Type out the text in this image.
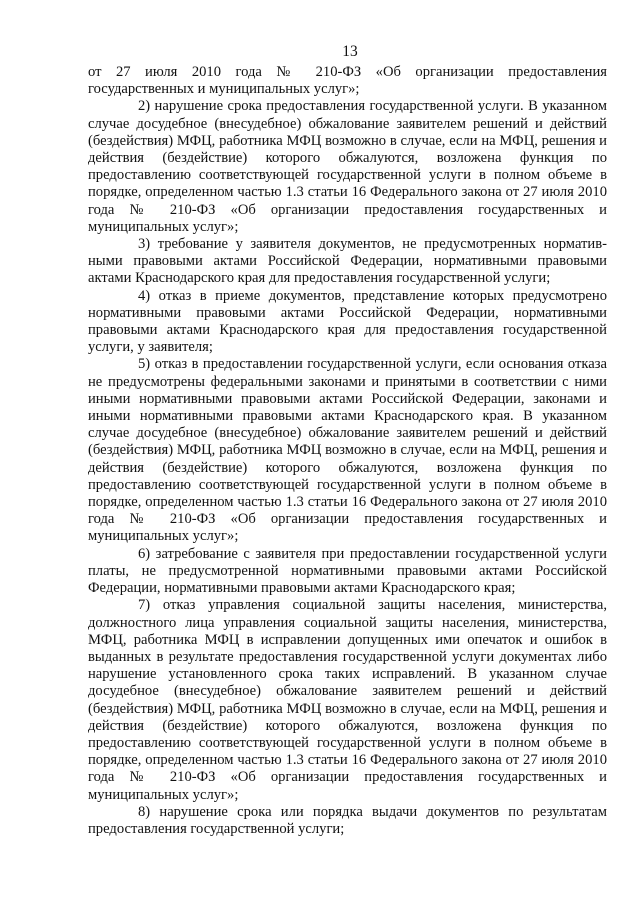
13

от 27 июля 2010 года № 210-ФЗ «Об организации предоставления государственных и муниципальных услуг»;

2) нарушение срока предоставления государственной услуги. В указанном случае досудебное (внесудебное) обжалование заявителем решений и действий (бездействия) МФЦ, работника МФЦ возможно в случае, если на МФЦ, решения и действия (бездействие) которого обжалуются, возложена функция по предоставлению соответствующей государственной услуги в полном объеме в порядке, определенном частью 1.3 статьи 16 Федерального закона от 27 июля 2010 года № 210-ФЗ «Об организации предоставления государственных и муниципальных услуг»;

3) требование у заявителя документов, не предусмотренных нормативными правовыми актами Российской Федерации, нормативными правовыми актами Краснодарского края для предоставления государственной услуги;

4) отказ в приеме документов, представление которых предусмотрено нормативными правовыми актами Российской Федерации, нормативными правовыми актами Краснодарского края для предоставления государственной услуги, у заявителя;

5) отказ в предоставлении государственной услуги, если основания отказа не предусмотрены федеральными законами и принятыми в соответствии с ними иными нормативными правовыми актами Российской Федерации, законами и иными нормативными правовыми актами Краснодарского края. В указанном случае досудебное (внесудебное) обжалование заявителем решений и действий (бездействия) МФЦ, работника МФЦ возможно в случае, если на МФЦ, решения и действия (бездействие) которого обжалуются, возложена функция по предоставлению соответствующей государственной услуги в полном объеме в порядке, определенном частью 1.3 статьи 16 Федерального закона от 27 июля 2010 года № 210-ФЗ «Об организации предоставления государственных и муниципальных услуг»;

6) затребование с заявителя при предоставлении государственной услуги платы, не предусмотренной нормативными правовыми актами Российской Федерации, нормативными правовыми актами Краснодарского края;

7) отказ управления социальной защиты населения, министерства, должностного лица управления социальной защиты населения, министерства, МФЦ, работника МФЦ в исправлении допущенных ими опечаток и ошибок в выданных в результате предоставления государственной услуги документах либо нарушение установленного срока таких исправлений. В указанном случае досудебное (внесудебное) обжалование заявителем решений и действий (бездействия) МФЦ, работника МФЦ возможно в случае, если на МФЦ, решения и действия (бездействие) которого обжалуются, возложена функция по предоставлению соответствующей государственной услуги в полном объеме в порядке, определенном частью 1.3 статьи 16 Федерального закона от 27 июля 2010 года № 210-ФЗ «Об организации предоставления государственных и муниципальных услуг»;

8) нарушение срока или порядка выдачи документов по результатам предоставления государственной услуги;
